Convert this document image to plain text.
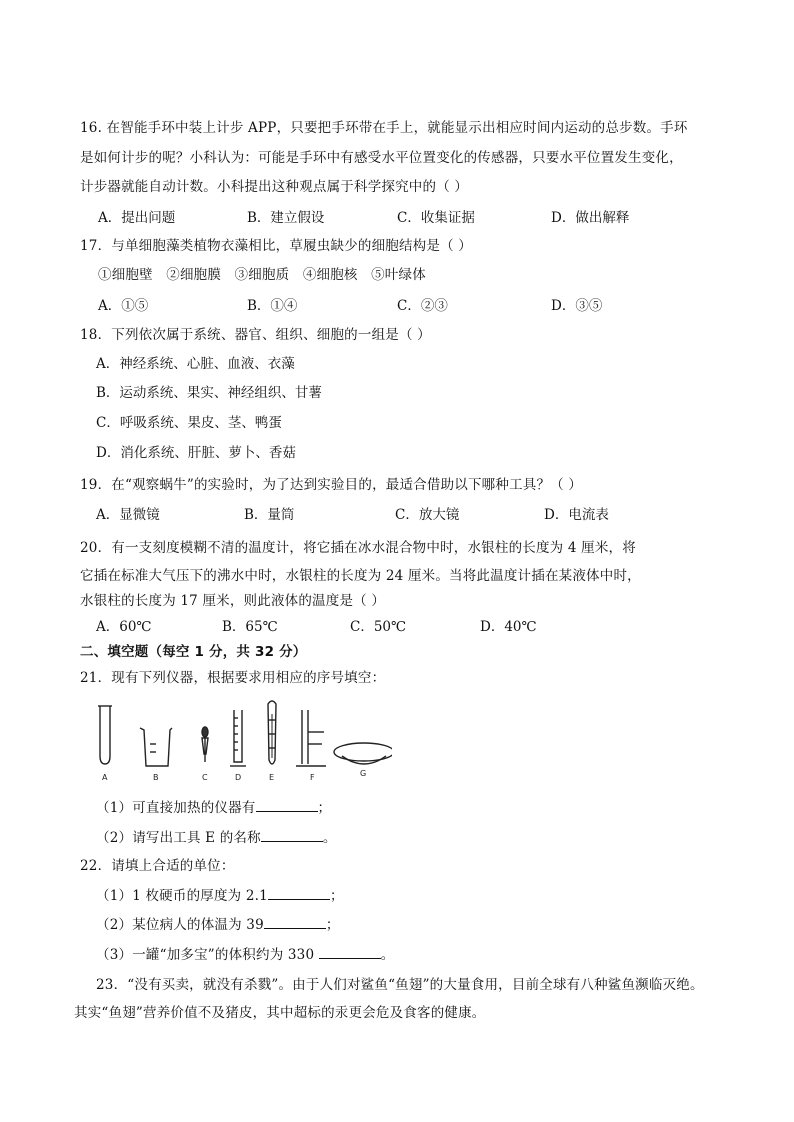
16. 在智能手环中装上计步 APP，只要把手环带在手上，就能显示出相应时间内运动的总步数。手环
是如何计步的呢？小科认为：可能是手环中有感受水平位置变化的传感器，只要水平位置发生变化，
计步器就能自动计数。小科提出这种观点属于科学探究中的（ ）
A．提出问题	B．建立假设	C．收集证据	D．做出解释
17．与单细胞藻类植物衣藻相比，草履虫缺少的细胞结构是（ ）
①细胞壁   ②细胞膜   ③细胞质   ④细胞核   ⑤叶绿体
A．①⑤	B．①④	C．②③	D．③⑤
18．下列依次属于系统、器官、组织、细胞的一组是（ ）
A．神经系统、心脏、血液、衣藻
B．运动系统、果实、神经组织、甘薯
C．呼吸系统、果皮、茎、鸭蛋
D．消化系统、肝脏、萝卜、香菇
19．在“观察蜗牛”的实验时，为了达到实验目的，最适合借助以下哪种工具？（ ）
A．显微镜	B．量筒	C．放大镜	D．电流表
20．有一支刻度模糊不清的温度计，将它插在冰水混合物中时，水银柱的长度为 4 厘米，将
它插在标准大气压下的沸水中时，水银柱的长度为 24 厘米。当将此温度计插在某液体中时，
水银柱的长度为 17 厘米，则此液体的温度是（ ）
A．60℃	B．65℃	C．50℃	D．40℃
二、填空题（每空 1 分，共 32 分）
21．现有下列仪器，根据要求用相应的序号填空：
A	B	C	D	E	F	G
（1）可直接加热的仪器有	；
（2）请写出工具 E 的名称	。
22．请填上合适的单位：
（1）1 枚硬币的厚度为 2.1	；
（2）某位病人的体温为 39	；
（3）一罐“加多宝”的体积约为 330	。
23．“没有买卖，就没有杀戮”。由于人们对鲨鱼“鱼翅”的大量食用，目前全球有八种鲨鱼濒临灭绝。
其实“鱼翅”营养价值不及猪皮，其中超标的汞更会危及食客的健康。
